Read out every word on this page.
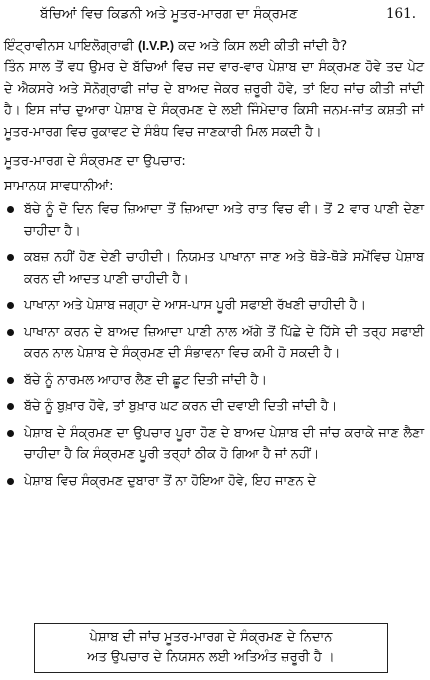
ਬੱਚਿਆਂ ਵਿਚ ਕਿਡਨੀ ਅਤੇ ਮੂਤਰ-ਮਾਰਗ ਦਾ ਸੰਕ੍ਰਮਣ	161.

ਇੰਟ੍ਰਾਵੀਨਸ ਪਾਇਲੋਗ੍ਰਾਫੀ (I.V.P.) ਕਦ ਅਤੇ ਕਿਸ ਲਈ ਕੀਤੀ ਜਾਂਦੀ ਹੈ?

ਤਿੰਨ ਸਾਲ ਤੋਂ ਵਧ ਉਮਰ ਦੇ ਬੱਚਿਆਂ ਵਿਚ ਜਦ ਵਾਰ-ਵਾਰ ਪੇਸ਼ਾਬ ਦਾ ਸੰਕ੍ਰਮਣ ਹੋਵੇ ਤਦ ਪੇਟ ਦੇ ਐਕਸਰੇ ਅਤੇ ਸੋਨੋਗ੍ਰਾਫੀ ਜਾਂਚ ਦੇ ਬਾਅਦ ਜੇਕਰ ਜ਼ਰੂਰੀ ਹੋਵੇ, ਤਾਂ ਇਹ ਜਾਂਚ ਕੀਤੀ ਜਾਂਦੀ ਹੈ। ਇਸ ਜਾਂਚ ਦੁਆਰਾ ਪੇਸ਼ਾਬ ਦੇ ਸੰਕ੍ਰਮਣ ਦੇ ਲਈ ਜਿੰਮੇਦਾਰ ਕਿਸੀ ਜਨਮ-ਜਾਂਤ ਕਸ਼ਤੀ ਜਾਂ ਮੂਤਰ-ਮਾਰਗ ਵਿਚ ਰੁਕਾਵਟ ਦੇ ਸੰਬੰਧ ਵਿਚ ਜਾਣਕਾਰੀ ਮਿਲ ਸਕਦੀ ਹੈ।

ਮੂਤਰ-ਮਾਰਗ ਦੇ ਸੰਕ੍ਰਮਣ ਦਾ ਉਪਚਾਰ:

ਸਾਮਾਨਯ ਸਾਵਧਾਨੀਆਂ:

ਬੱਚੇ ਨੂੰ ਦੋ ਦਿਨ ਵਿਚ ਜ਼ਿਆਦਾ ਤੋਂ ਜ਼ਿਆਦਾ ਅਤੇ ਰਾਤ ਵਿਚ ਵੀ। ਤੋਂ 2 ਵਾਰ ਪਾਣੀ ਦੇਣਾ ਚਾਹੀਦਾ ਹੈ।
ਕਬਜ਼ ਨਹੀਂ ਹੋਣ ਦੇਣੀ ਚਾਹੀਦੀ। ਨਿਯਮਤ ਪਾਖਾਨਾ ਜਾਣ ਅਤੇ ਥੋੜੇ-ਥੋੜੇ ਸਮੇਂਵਿਚ ਪੇਸ਼ਾਬ ਕਰਨ ਦੀ ਆਦਤ ਪਾਣੀ ਚਾਹੀਦੀ ਹੈ।
ਪਾਖਾਨਾ ਅਤੇ ਪੇਸ਼ਾਬ ਜਗ੍ਹਾ ਦੇ ਆਸ-ਪਾਸ ਪੂਰੀ ਸਫਾਈ ਰੱਖਣੀ ਚਾਹੀਦੀ ਹੈ।
ਪਾਖਾਨਾ ਕਰਨ ਦੇ ਬਾਅਦ ਜ਼ਿਆਦਾ ਪਾਣੀ ਨਾਲ ਅੱਗੇ ਤੋਂ ਪਿੱਛੇ ਦੇ ਹਿੱਸੇ ਦੀ ਤਰ੍ਹ ਸਫਾਈ ਕਰਨ ਨਾਲ ਪੇਸ਼ਾਬ ਦੇ ਸੰਕ੍ਰਮਣ ਦੀ ਸੰਭਾਵਨਾ ਵਿਚ ਕਮੀ ਹੋ ਸਕਦੀ ਹੈ।
ਬੱਚੇ ਨੂੰ ਨਾਰਮਲ ਆਹਾਰ ਲੈਣ ਦੀ ਛੂਟ ਦਿਤੀ ਜਾਂਦੀ ਹੈ।
ਬੱਚੇ ਨੂੰ ਬੁਖ਼ਾਰ ਹੋਵੇ, ਤਾਂ ਬੁਖ਼ਾਰ ਘਟ ਕਰਨ ਦੀ ਦਵਾਈ ਦਿਤੀ ਜਾਂਦੀ ਹੈ।
ਪੇਸ਼ਾਬ ਦੇ ਸੰਕ੍ਰਮਣ ਦਾ ਉਪਚਾਰ ਪੂਰਾ ਹੋਣ ਦੇ ਬਾਅਦ ਪੇਸ਼ਾਬ ਦੀ ਜਾਂਚ ਕਰਾਕੇ ਜਾਣ ਲੈਣਾ ਚਾਹੀਦਾ ਹੈ ਕਿ ਸੰਕ੍ਰਮਣ ਪੂਰੀ ਤਰ੍ਹਾਂ ਠੀਕ ਹੋ ਗਿਆ ਹੈ ਜਾਂ ਨਹੀਂ।
ਪੇਸ਼ਾਬ ਵਿਚ ਸੰਕ੍ਰਮਣ ਦੁਬਾਰਾ ਤੋਂ ਨਾ ਹੋਇਆ ਹੋਵੇ, ਇਹ ਜਾਣਨ ਦੇ
ਪੇਸ਼ਾਬ ਦੀ ਜਾਂਚ ਮੂਤਰ-ਮਾਰਗ ਦੇ ਸੰਕ੍ਰਮਣ ਦੇ ਨਿਦਾਨ
ਅਤ ਉਪਚਾਰ ਦੇ ਨਿਯਸਨ ਲਈ ਅਤਿਅੰਤ ਜ਼ਰੂਰੀ ਹੈ ।
